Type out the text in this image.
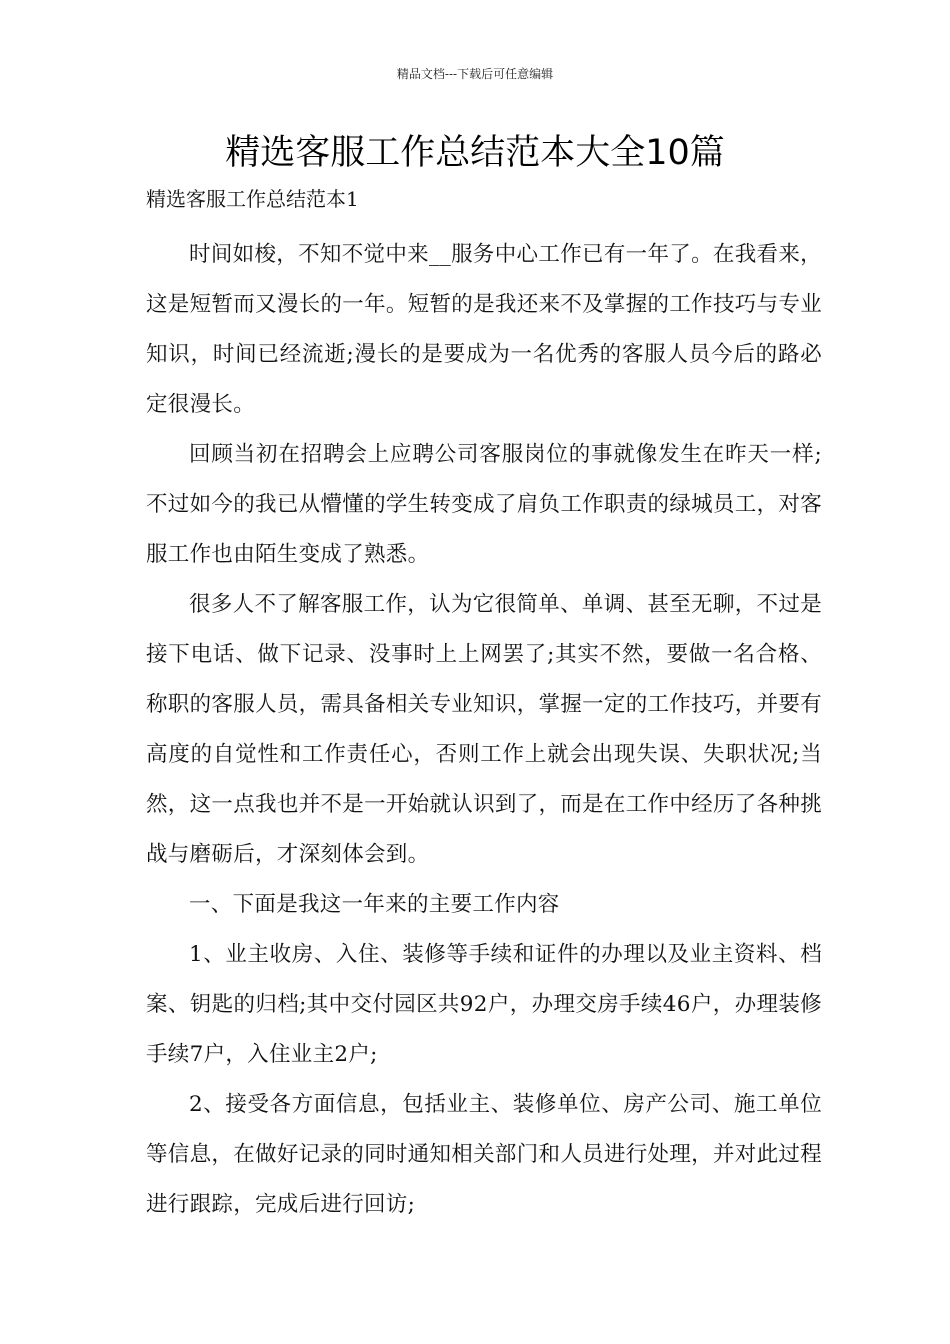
精品文档---下载后可任意编辑
精选客服工作总结范本大全10篇
精选客服工作总结范本1

时间如梭，不知不觉中来__服务中心工作已有一年了。在我看来，这是短暂而又漫长的一年。短暂的是我还来不及掌握的工作技巧与专业知识，时间已经流逝;漫长的是要成为一名优秀的客服人员今后的路必定很漫长。

回顾当初在招聘会上应聘公司客服岗位的事就像发生在昨天一样;不过如今的我已从懵懂的学生转变成了肩负工作职责的绿城员工，对客服工作也由陌生变成了熟悉。

很多人不了解客服工作，认为它很简单、单调、甚至无聊，不过是接下电话、做下记录、没事时上上网罢了;其实不然，要做一名合格、称职的客服人员，需具备相关专业知识，掌握一定的工作技巧，并要有高度的自觉性和工作责任心，否则工作上就会出现失误、失职状况;当然，这一点我也并不是一开始就认识到了，而是在工作中经历了各种挑战与磨砺后，才深刻体会到。

一、下面是我这一年来的主要工作内容

1、业主收房、入住、装修等手续和证件的办理以及业主资料、档案、钥匙的归档;其中交付园区共92户，办理交房手续46户，办理装修手续7户，入住业主2户;

2、接受各方面信息，包括业主、装修单位、房产公司、施工单位等信息，在做好记录的同时通知相关部门和人员进行处理，并对此过程进行跟踪，完成后进行回访;
